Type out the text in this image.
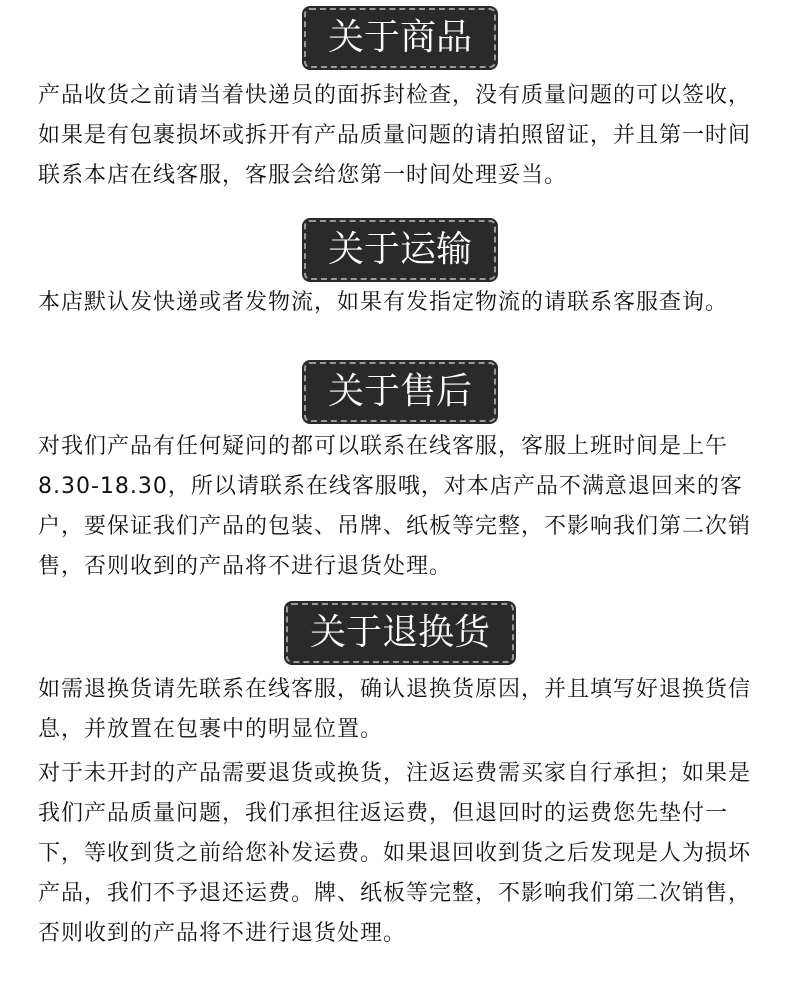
关于商品

产品收货之前请当着快递员的面拆封检查，没有质量问题的可以签收，如果是有包裹损坏或拆开有产品质量问题的请拍照留证，并且第一时间联系本店在线客服，客服会给您第一时间处理妥当。

关于运输

本店默认发快递或者发物流，如果有发指定物流的请联系客服查询。

关于售后

对我们产品有任何疑问的都可以联系在线客服，客服上班时间是上午8.30-18.30，所以请联系在线客服哦，对本店产品不满意退回来的客户，要保证我们产品的包装、吊牌、纸板等完整，不影响我们第二次销售，否则收到的产品将不进行退货处理。

关于退换货

如需退换货请先联系在线客服，确认退换货原因，并且填写好退换货信息，并放置在包裹中的明显位置。

对于未开封的产品需要退货或换货，注返运费需买家自行承担；如果是我们产品质量问题，我们承担往返运费，但退回时的运费您先垫付一下，等收到货之前给您补发运费。如果退回收到货之后发现是人为损坏产品，我们不予退还运费。牌、纸板等完整，不影响我们第二次销售，否则收到的产品将不进行退货处理。
